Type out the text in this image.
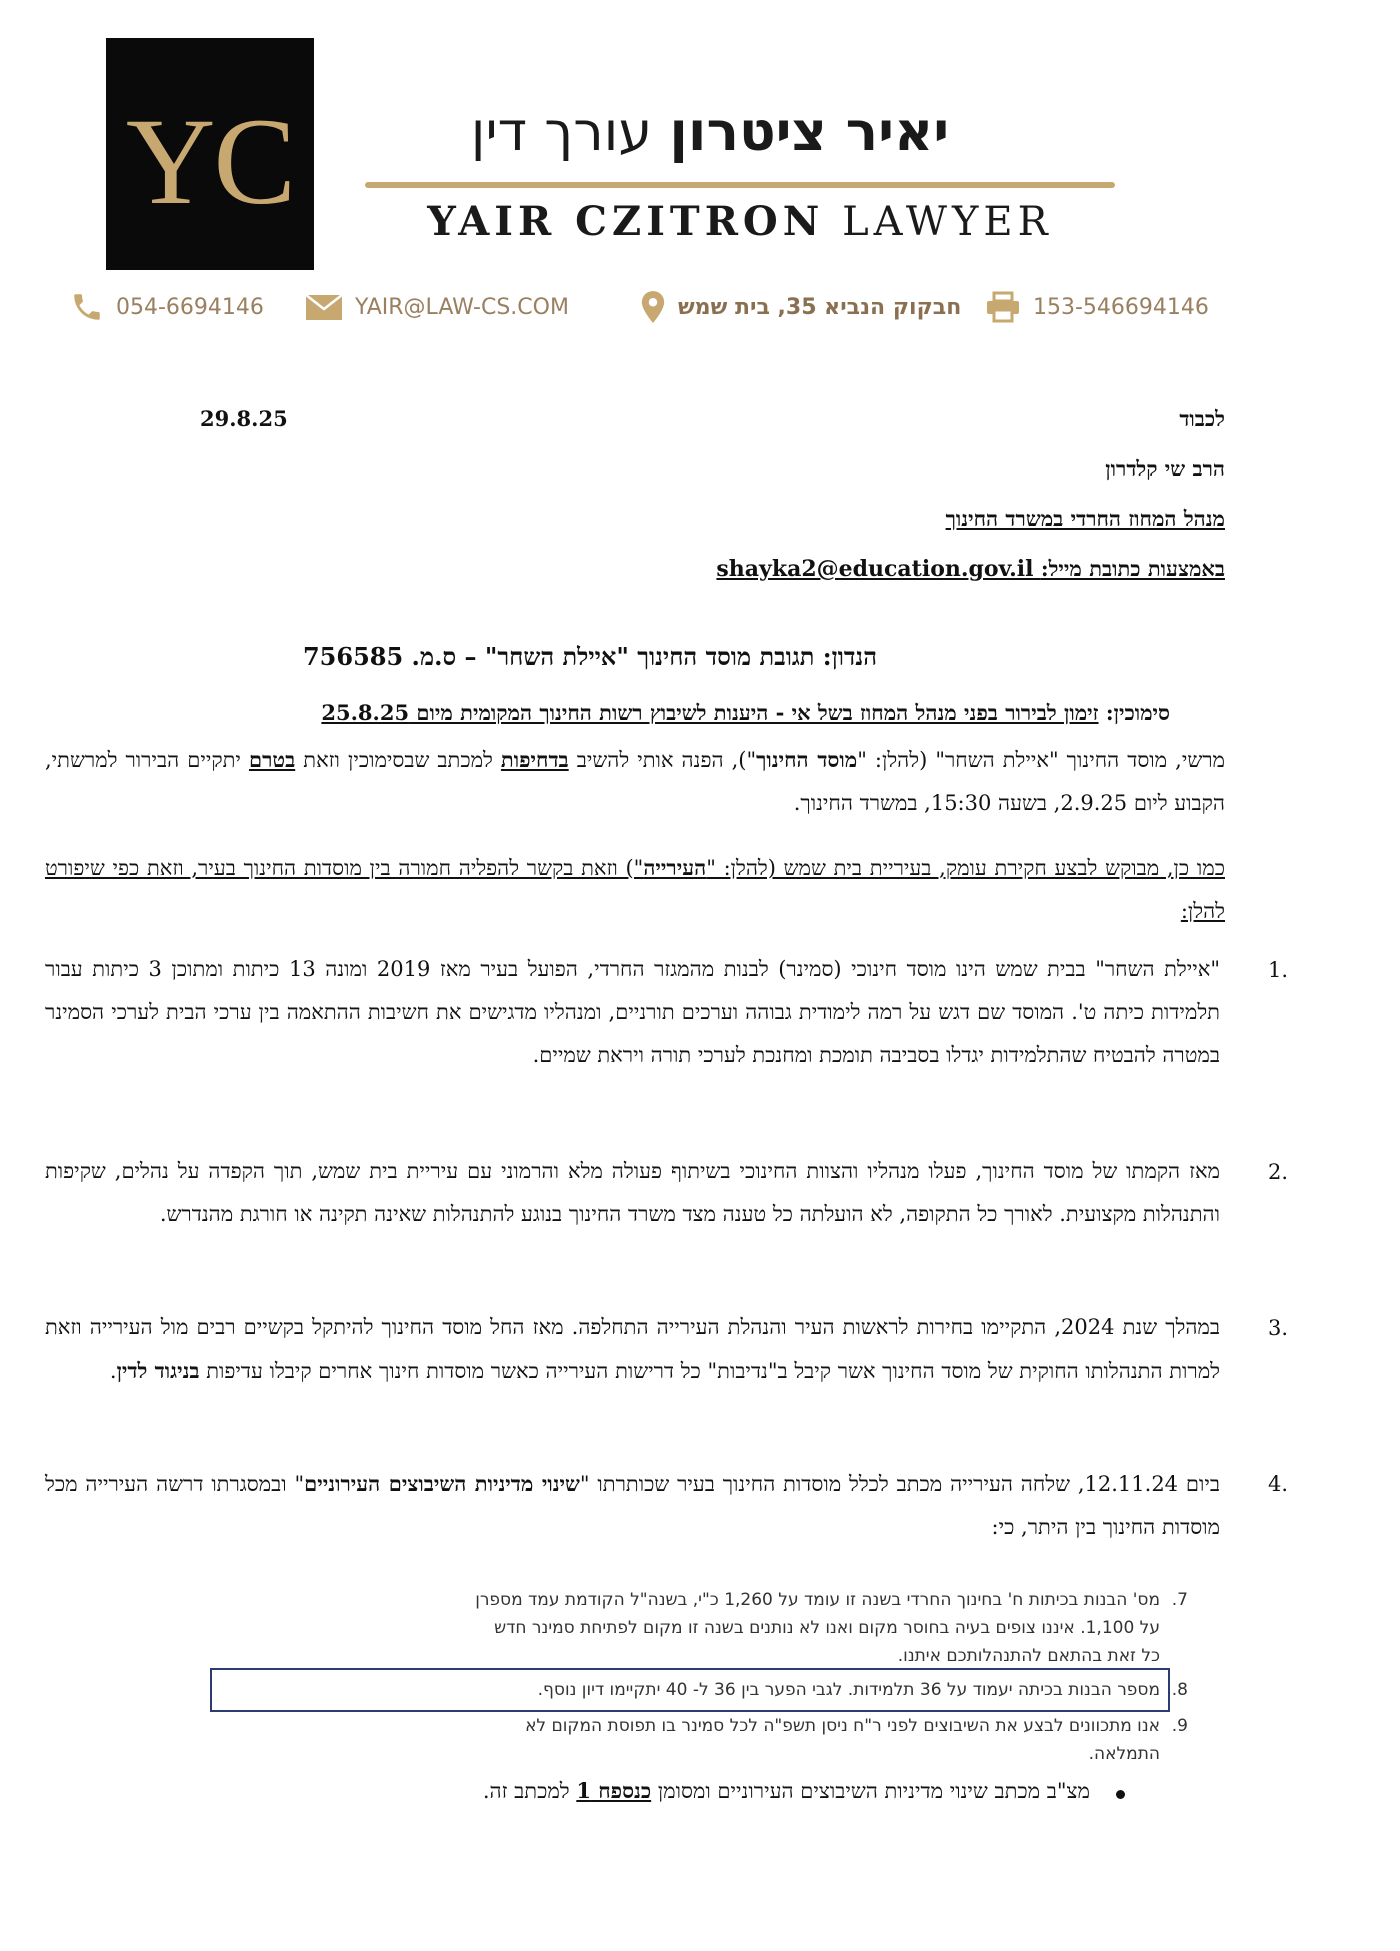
YC	יאיר ציטרון עורך דין
YAIR CZITRON LAWYER
054-6694146	YAIR@LAW-CS.COM	חבקוק הנביא 35, בית שמש	153-546694146
29.8.25	לכבוד
הרב שי קלדרון
מנהל המחוז החרדי במשרד החינוך
באמצעות כתובת מייל: shayka2@education.gov.il
הנדון: תגובת מוסד החינוך "איילת השחר" – ס.מ. 756585
סימוכין: זימון לבירור בפני מנהל המחוז בשל אי - היענות לשיבוץ רשות החינוך המקומית מיום 25.8.25
מרשי, מוסד החינוך "איילת השחר" (להלן: "מוסד החינוך"), הפנה אותי להשיב בדחיפות למכתב שבסימוכין וזאת בטרם יתקיים הבירור למרשתי, הקבוע ליום 2.9.25, בשעה 15:30, במשרד החינוך.
כמו כן, מבוקש לבצע חקירת עומק, בעיריית בית שמש (להלן: "העירייה") וזאת בקשר להפליה חמורה בין מוסדות החינוך בעיר, וזאת כפי שיפורט להלן:
1.
"איילת השחר" בבית שמש הינו מוסד חינוכי (סמינר) לבנות מהמגזר החרדי, הפועל בעיר מאז 2019 ומונה 13 כיתות ומתוכן 3 כיתות עבור תלמידות כיתה ט'. המוסד שם דגש על רמה לימודית גבוהה וערכים תורניים, ומנהליו מדגישים את חשיבות ההתאמה בין ערכי הבית לערכי הסמינר במטרה להבטיח שהתלמידות יגדלו בסביבה תומכת ומחנכת לערכי תורה ויראת שמיים.
2.
מאז הקמתו של מוסד החינוך, פעלו מנהליו והצוות החינוכי בשיתוף פעולה מלא והרמוני עם עיריית בית שמש, תוך הקפדה על נהלים, שקיפות והתנהלות מקצועית. לאורך כל התקופה, לא הועלתה כל טענה מצד משרד החינוך בנוגע להתנהלות שאינה תקינה או חורגת מהנדרש.
3.
במהלך שנת 2024, התקיימו בחירות לראשות העיר והנהלת העירייה התחלפה. מאז החל מוסד החינוך להיתקל בקשיים רבים מול העירייה וזאת למרות התנהלותו החוקית של מוסד החינוך אשר קיבל ב"נדיבות" כל דרישות העירייה כאשר מוסדות חינוך אחרים קיבלו עדיפות בניגוד לדין.
4.
ביום 12.11.24, שלחה העירייה מכתב לכלל מוסדות החינוך בעיר שכותרתו "שינוי מדיניות השיבוצים העירוניים" ובמסגרתו דרשה העירייה מכל מוסדות החינוך בין היתר, כי:
7.
מס' הבנות בכיתות ח' בחינוך החרדי בשנה זו עומד על 1,260 כ"י, בשנה"ל הקודמת עמד מספרן
על 1,100. איננו צופים בעיה בחוסר מקום ואנו לא נותנים בשנה זו מקום לפתיחת סמינר חדש
כל זאת בהתאם להתנהלותכם איתנו.
8.
מספר הבנות בכיתה יעמוד על 36 תלמידות. לגבי הפער בין 36 ל- 40 יתקיימו דיון נוסף.
9.
אנו מתכוונים לבצע את השיבוצים לפני ר"ח ניסן תשפ"ה לכל סמינר בו תפוסת המקום לא
התמלאה.
מצ"ב מכתב שינוי מדיניות השיבוצים העירוניים ומסומן כנספח 1 למכתב זה.
